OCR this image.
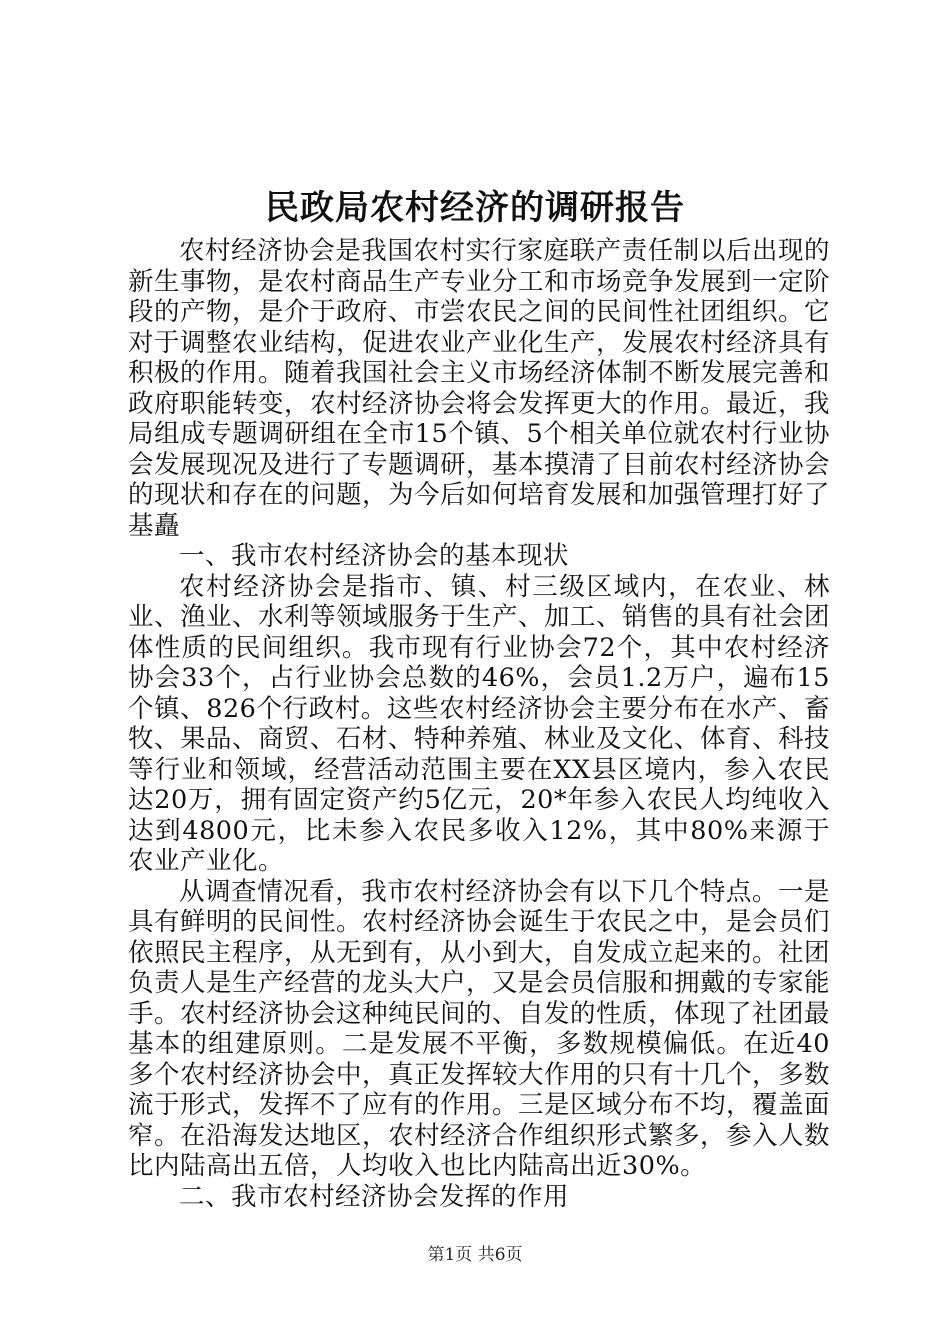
民政局农村经济的调研报告

农村经济协会是我国农村实行家庭联产责任制以后出现的新生事物，是农村商品生产专业分工和市场竞争发展到一定阶段的产物，是介于政府、市尝农民之间的民间性社团组织。它对于调整农业结构，促进农业产业化生产，发展农村经济具有积极的作用。随着我国社会主义市场经济体制不断发展完善和政府职能转变，农村经济协会将会发挥更大的作用。最近，我局组成专题调研组在全市15个镇、5个相关单位就农村行业协会发展现况及进行了专题调研，基本摸清了目前农村经济协会的现状和存在的问题，为今后如何培育发展和加强管理打好了基矗

一、我市农村经济协会的基本现状

农村经济协会是指市、镇、村三级区域内，在农业、林业、渔业、水利等领域服务于生产、加工、销售的具有社会团体性质的民间组织。我市现有行业协会72个，其中农村经济协会33个，占行业协会总数的46%，会员1.2万户，遍布15个镇、826个行政村。这些农村经济协会主要分布在水产、畜牧、果品、商贸、石材、特种养殖、林业及文化、体育、科技等行业和领域，经营活动范围主要在XX县区境内，参入农民达20万，拥有固定资产约5亿元，20*年参入农民人均纯收入达到4800元，比未参入农民多收入12%，其中80%来源于农业产业化。

从调查情况看，我市农村经济协会有以下几个特点。一是具有鲜明的民间性。农村经济协会诞生于农民之中，是会员们依照民主程序，从无到有，从小到大，自发成立起来的。社团负责人是生产经营的龙头大户，又是会员信服和拥戴的专家能手。农村经济协会这种纯民间的、自发的性质，体现了社团最基本的组建原则。二是发展不平衡，多数规模偏低。在近40多个农村经济协会中，真正发挥较大作用的只有十几个，多数流于形式，发挥不了应有的作用。三是区域分布不均，覆盖面窄。在沿海发达地区，农村经济合作组织形式繁多，参入人数比内陆高出五倍，人均收入也比内陆高出近30%。

二、我市农村经济协会发挥的作用

第1页 共6页
